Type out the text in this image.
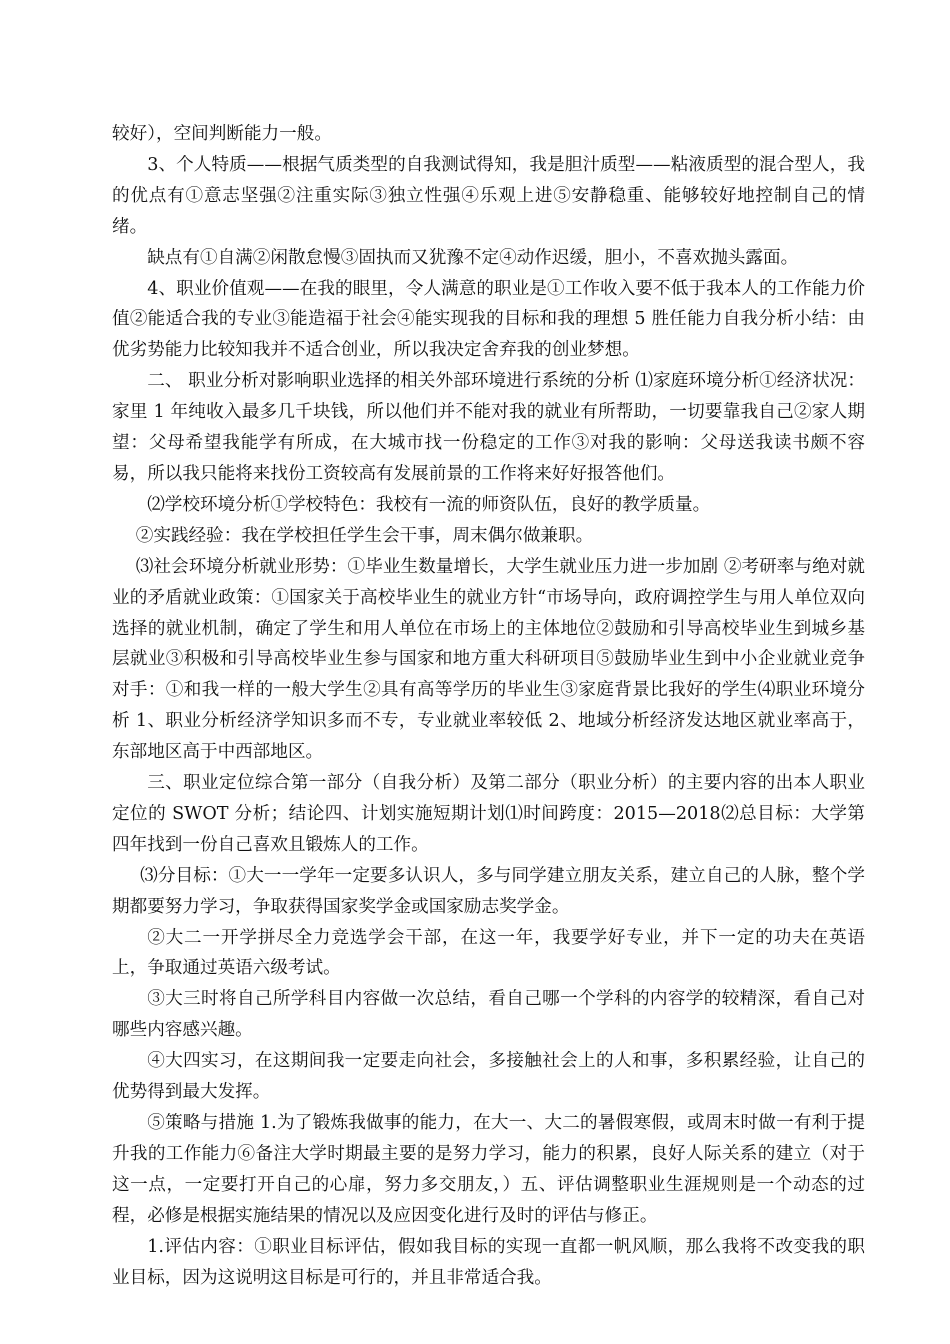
较好），空间判断能力一般。

3、个人特质——根据气质类型的自我测试得知，我是胆汁质型——粘液质型的混合型人，我的优点有①意志坚强②注重实际③独立性强④乐观上进⑤安静稳重、能够较好地控制自己的情绪。

缺点有①自满②闲散怠慢③固执而又犹豫不定④动作迟缓，胆小，不喜欢抛头露面。

4、职业价值观——在我的眼里，令人满意的职业是①工作收入要不低于我本人的工作能力价值②能适合我的专业③能造福于社会④能实现我的目标和我的理想 5 胜任能力自我分析小结：由优劣势能力比较知我并不适合创业，所以我决定舍弃我的创业梦想。

二、 职业分析对影响职业选择的相关外部环境进行系统的分析 ⑴家庭环境分析①经济状况：家里 1 年纯收入最多几千块钱，所以他们并不能对我的就业有所帮助，一切要靠我自己②家人期望：父母希望我能学有所成，在大城市找一份稳定的工作③对我的影响：父母送我读书颇不容易，所以我只能将来找份工资较高有发展前景的工作将来好好报答他们。

⑵学校环境分析①学校特色：我校有一流的师资队伍，良好的教学质量。

②实践经验：我在学校担任学生会干事，周末偶尔做兼职。

⑶社会环境分析就业形势：①毕业生数量增长，大学生就业压力进一步加剧 ②考研率与绝对就业的矛盾就业政策：①国家关于高校毕业生的就业方针“市场导向，政府调控学生与用人单位双向选择的就业机制，确定了学生和用人单位在市场上的主体地位②鼓励和引导高校毕业生到城乡基层就业③积极和引导高校毕业生参与国家和地方重大科研项目⑤鼓励毕业生到中小企业就业竞争对手：①和我一样的一般大学生②具有高等学历的毕业生③家庭背景比我好的学生⑷职业环境分析 1、职业分析经济学知识多而不专，专业就业率较低 2、地域分析经济发达地区就业率高于，东部地区高于中西部地区。

三、职业定位综合第一部分（自我分析）及第二部分（职业分析）的主要内容的出本人职业定位的 SWOT 分析；结论四、计划实施短期计划⑴时间跨度：2015—2018⑵总目标：大学第四年找到一份自己喜欢且锻炼人的工作。

⑶分目标：①大一一学年一定要多认识人，多与同学建立朋友关系，建立自己的人脉，整个学期都要努力学习，争取获得国家奖学金或国家励志奖学金。

②大二一开学拼尽全力竞选学会干部，在这一年，我要学好专业，并下一定的功夫在英语上，争取通过英语六级考试。

③大三时将自己所学科目内容做一次总结，看自己哪一个学科的内容学的较精深，看自己对哪些内容感兴趣。

④大四实习，在这期间我一定要走向社会，多接触社会上的人和事，多积累经验，让自己的优势得到最大发挥。

⑤策略与措施 1.为了锻炼我做事的能力，在大一、大二的暑假寒假，或周末时做一有利于提升我的工作能力⑥备注大学时期最主要的是努力学习，能力的积累，良好人际关系的建立（对于这一点，一定要打开自己的心扉，努力多交朋友，）五、评估调整职业生涯规则是一个动态的过程，必修是根据实施结果的情况以及应因变化进行及时的评估与修正。

1.评估内容：①职业目标评估，假如我目标的实现一直都一帆风顺，那么我将不改变我的职业目标，因为这说明这目标是可行的，并且非常适合我。
